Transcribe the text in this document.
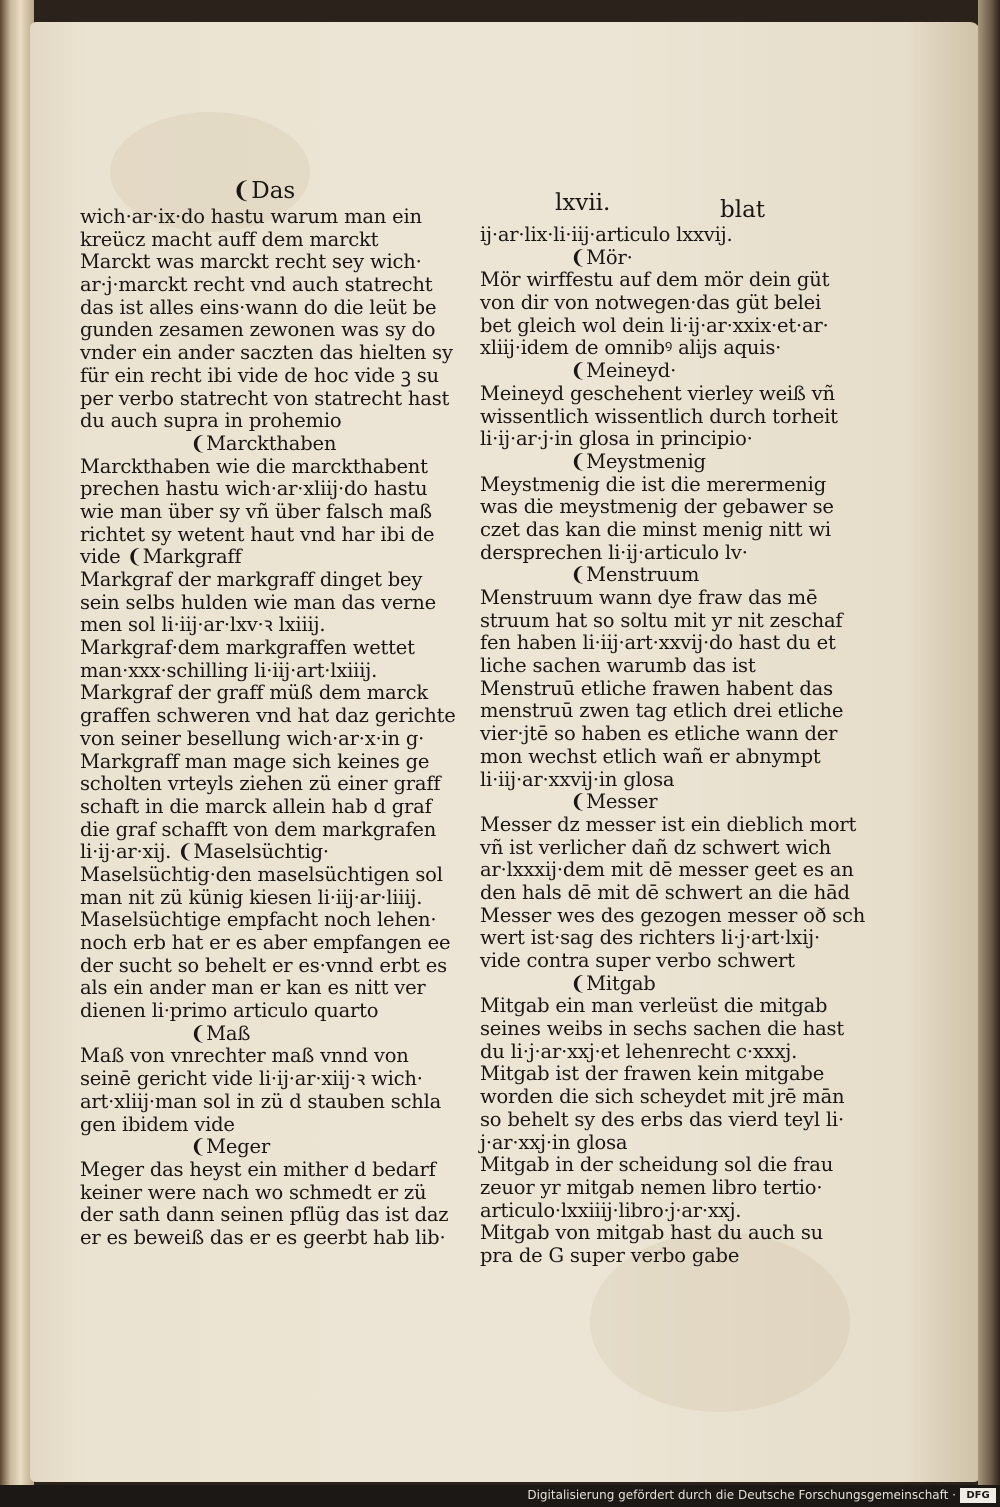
❨Das	lxvii.	blat
wich·ar·ix·do hastu warum man ein
kreücz macht auff dem marckt
Marckt was marckt recht sey wich·
ar·j·marckt recht vnd auch statrecht
das ist alles eins·wann do die leüt be
gunden zesamen zewonen was sy do
vnder ein ander saczten das hielten sy
für ein recht ibi vide de hoc vide ꝫ su
per verbo statrecht von statrecht hast
du auch supra in prohemio
❨Marckthaben
Marckthaben wie die marckthabent
prechen hastu wich·ar·xliij·do hastu
wie man über sy vñ über falsch maß
richtet sy wetent haut vnd har ibi de
vide ❨Markgraff
Markgraf der markgraff dinget bey
sein selbs hulden wie man das verne
men sol li·iij·ar·lxv·ꝛ lxiiij.
Markgraf·dem markgraffen wettet
man·xxx·schilling li·iij·art·lxiiij.
Markgraf der graff müß dem marck
graffen schweren vnd hat daz gerichte
von seiner besellung wich·ar·x·in g·
Markgraff man mage sich keines ge
scholten vrteyls ziehen zü einer graff
schaft in die marck allein hab d graf
die graf schafft von dem markgrafen
li·ij·ar·xij. ❨Maselsüchtig·
Maselsüchtig·den maselsüchtigen sol
man nit zü künig kiesen li·iij·ar·liiij.
Maselsüchtige empfacht noch lehen·
noch erb hat er es aber empfangen ee
der sucht so behelt er es·vnnd erbt es
als ein ander man er kan es nitt ver
dienen li·primo articulo quarto
❨Maß
Maß von vnrechter maß vnnd von
seinē gericht vide li·ij·ar·xiij·ꝛ wich·
art·xliij·man sol in zü d stauben schla
gen ibidem vide
❨Meger
Meger das heyst ein mither d bedarf
keiner were nach wo schmedt er zü
der sath dann seinen pflüg das ist daz
er es beweiß das er es geerbt hab lib·
ij·ar·lix·li·iij·articulo lxxvij.
❨Mör·
Mör wirffestu auf dem mör dein güt
von dir von notwegen·das güt belei
bet gleich wol dein li·ij·ar·xxix·et·ar·
xliij·idem de omnibꝰ alijs aquis·
❨Meineyd·
Meineyd geschehent vierley weiß vñ
wissentlich wissentlich durch torheit
li·ij·ar·j·in glosa in principio·
❨Meystmenig
Meystmenig die ist die merermenig
was die meystmenig der gebawer se
czet das kan die minst menig nitt wi
dersprechen li·ij·articulo lv·
❨Menstruum
Menstruum wann dye fraw das mē
struum hat so soltu mit yr nit zeschaf
fen haben li·iij·art·xxvij·do hast du et
liche sachen warumb das ist
Menstruū etliche frawen habent das
menstruū zwen tag etlich drei etliche
vier·jtē so haben es etliche wann der
mon wechst etlich wañ er abnympt
li·iij·ar·xxvij·in glosa
❨Messer
Messer dz messer ist ein dieblich mort
vñ ist verlicher dañ dz schwert wich
ar·lxxxij·dem mit dē messer geet es an
den hals dē mit dē schwert an die hād
Messer wes des gezogen messer oð sch
wert ist·sag des richters li·j·art·lxij·
vide contra super verbo schwert
❨Mitgab
Mitgab ein man verleüst die mitgab
seines weibs in sechs sachen die hast
du li·j·ar·xxj·et lehenrecht c·xxxj.
Mitgab ist der frawen kein mitgabe
worden die sich scheydet mit jrē mān
so behelt sy des erbs das vierd teyl li·
j·ar·xxj·in glosa
Mitgab in der scheidung sol die frau
zeuor yr mitgab nemen libro tertio·
articulo·lxxiiij·libro·j·ar·xxj.
Mitgab von mitgab hast du auch su
pra de G super verbo gabe
Digitalisierung gefördert durch die Deutsche Forschungsgemeinschaft ·	DFG
